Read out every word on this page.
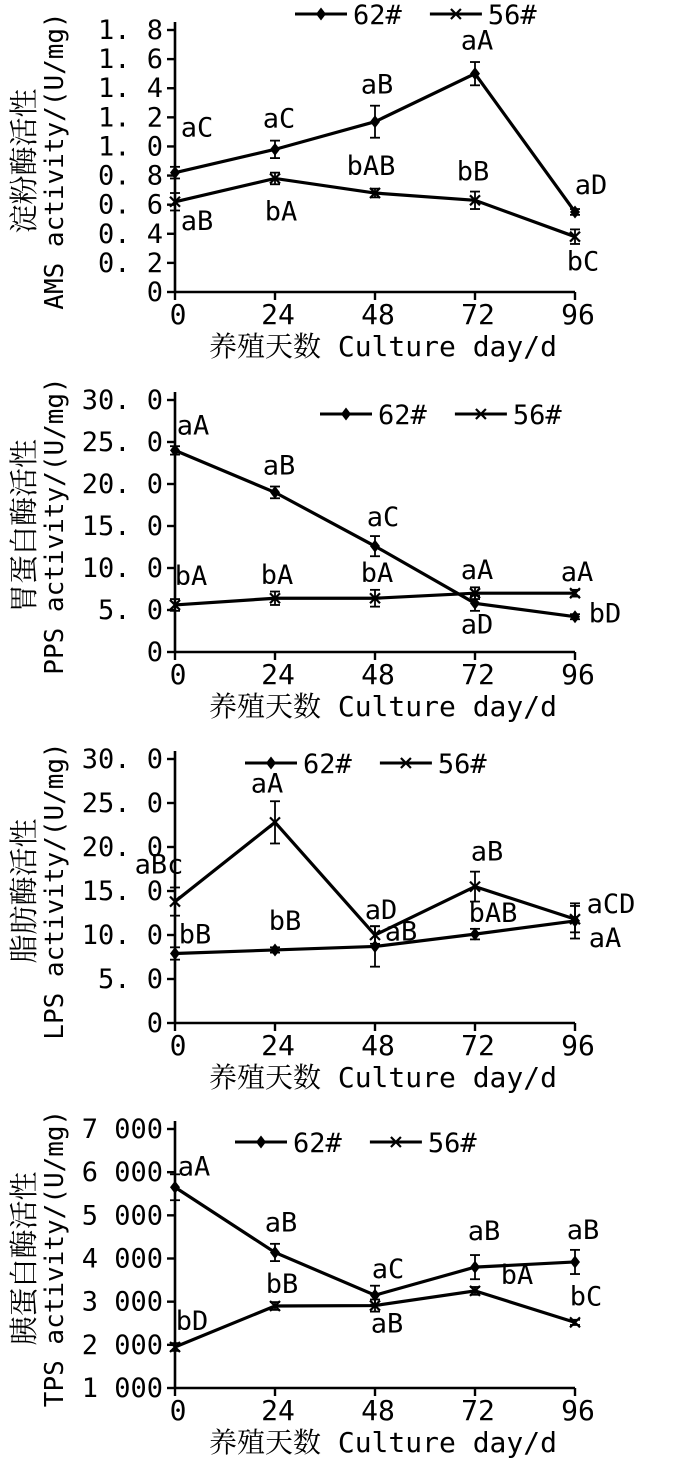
0
0. 2
0. 4
0. 6
0. 8
1. 0
1. 2
1. 4
1. 6
1. 8
0	24 48 72 96
养殖天数 Culture day/d
淀粉酶活性AMS activity/(U/mg)	62#	56#
aC aC
aB
aA
aD
aB bA
bAB bB
bC
0
5. 0
10. 0
15. 0
20. 0
25. 0
30. 0
0	24 48 72 96
养殖天数 Culture day/d
胃蛋白酶活性PPS activity/(U/mg)	62#	56#
aA
aB
aC
aD	bD
bA bA bA aA aA
0
5. 0
10. 0
15. 0
20. 0
25. 0
30. 0
0	24 48 72 96
养殖天数 Culture day/d
脂肪酶活性LPS activity/(U/mg)	62#	56#
bB bB	aB
bAB
aA
aBc
aA
aD
aB
aCD
1 000
2 000
3 000
4 000
5 000
6 000
7 000
0	24 48 72 96
养殖天数 Culture day/d
胰蛋白酶活性TPS activity/(U/mg)	62#	56#
aA
aB
aC
aB aB
bD
bB
aB
bA
bC
